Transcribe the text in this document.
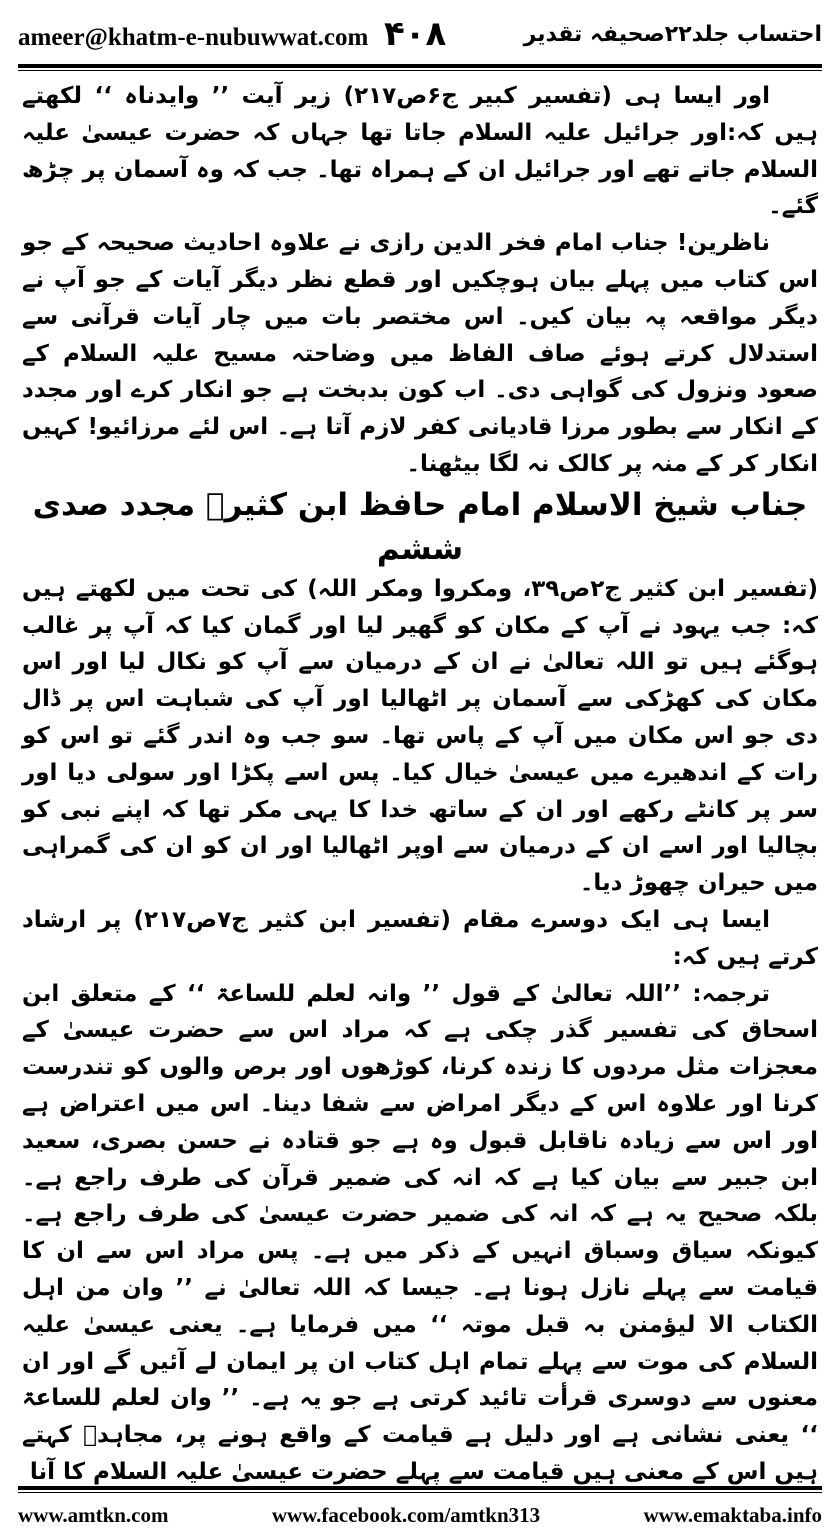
ameer@khatm-e-nubuwwat.com ۴۰۸	احتساب جلد۲۲صحیفہ تقدیر

اور ایسا ہی (تفسیر کبیر ج۶ص۲۱۷) زیر آیت ’’ وایدناہ ‘‘ لکھتے ہیں کہ:اور جرائیل علیہ السلام جاتا تھا جہاں کہ حضرت عیسیٰ علیہ السلام جاتے تھے اور جرائیل ان کے ہمراہ تھا۔ جب کہ وہ آسمان پر چڑھ گئے۔

ناظرین! جناب امام فخر الدین رازی نے علاوہ احادیث صحیحہ کے جو اس کتاب میں پہلے بیان ہوچکیں اور قطع نظر دیگر آیات کے جو آپ نے دیگر مواقعہ پہ بیان کیں۔ اس مختصر بات میں چار آیات قرآنی سے استدلال کرتے ہوئے صاف الفاظ میں وضاحتہ مسیح علیہ السلام کے صعود ونزول کی گواہی دی۔ اب کون بدبخت ہے جو انکار کرے اور مجدد کے انکار سے بطور مرزا قادیانی کفر لازم آتا ہے۔ اس لئے مرزائیو! کہیں انکار کر کے منہ پر کالک نہ لگا بیٹھنا۔

جناب شیخ الاسلام امام حافظ ابن کثیرؒ مجدد صدی ششم

(تفسیر ابن کثیر ج۲ص۳۹، ومکروا ومکر اللہ) کی تحت میں لکھتے ہیں کہ: جب یہود نے آپ کے مکان کو گھیر لیا اور گمان کیا کہ آپ پر غالب ہوگئے ہیں تو اللہ تعالیٰ نے ان کے درمیان سے آپ کو نکال لیا اور اس مکان کی کھڑکی سے آسمان پر اٹھالیا اور آپ کی شباہت اس پر ڈال دی جو اس مکان میں آپ کے پاس تھا۔ سو جب وہ اندر گئے تو اس کو رات کے اندھیرے میں عیسیٰ خیال کیا۔ پس اسے پکڑا اور سولی دیا اور سر پر کانٹے رکھے اور ان کے ساتھ خدا کا یہی مکر تھا کہ اپنے نبی کو بچالیا اور اسے ان کے درمیان سے اوپر اٹھالیا اور ان کو ان کی گمراہی میں حیران چھوڑ دیا۔

ایسا ہی ایک دوسرے مقام (تفسیر ابن کثیر ج۷ص۲۱۷) پر ارشاد کرتے ہیں کہ:

ترجمہ: ’’اللہ تعالیٰ کے قول ’’ وانہ لعلم للساعۃ ‘‘ کے متعلق ابن اسحاق کی تفسیر گذر چکی ہے کہ مراد اس سے حضرت عیسیٰ کے معجزات مثل مردوں کا زندہ کرنا، کوڑھوں اور برص والوں کو تندرست کرنا اور علاوہ اس کے دیگر امراض سے شفا دینا۔ اس میں اعتراض ہے اور اس سے زیادہ ناقابل قبول وہ ہے جو قتادہ نے حسن بصری، سعید ابن جبیر سے بیان کیا ہے کہ انہ کی ضمیر قرآن کی طرف راجع ہے۔ بلکہ صحیح یہ ہے کہ انہ کی ضمیر حضرت عیسیٰ کی طرف راجع ہے۔ کیونکہ سیاق وسباق انہیں کے ذکر میں ہے۔ پس مراد اس سے ان کا قیامت سے پہلے نازل ہونا ہے۔ جیسا کہ اللہ تعالیٰ نے ’’ وان من اہل الکتاب الا لیؤمنن بہ قبل موتہ ‘‘ میں فرمایا ہے۔ یعنی عیسیٰ علیہ السلام کی موت سے پہلے تمام اہل کتاب ان پر ایمان لے آئیں گے اور ان معنوں سے دوسری قرأت تائید کرتی ہے جو یہ ہے۔ ’’ وان لعلم للساعۃ ‘‘ یعنی نشانی ہے اور دلیل ہے قیامت کے واقع ہونے پر، مجاہدؒ کہتے ہیں اس کے معنی ہیں قیامت سے پہلے حضرت عیسیٰ علیہ السلام کا آنا

www.amtkn.com	www.facebook.com/amtkn313	www.emaktaba.info
